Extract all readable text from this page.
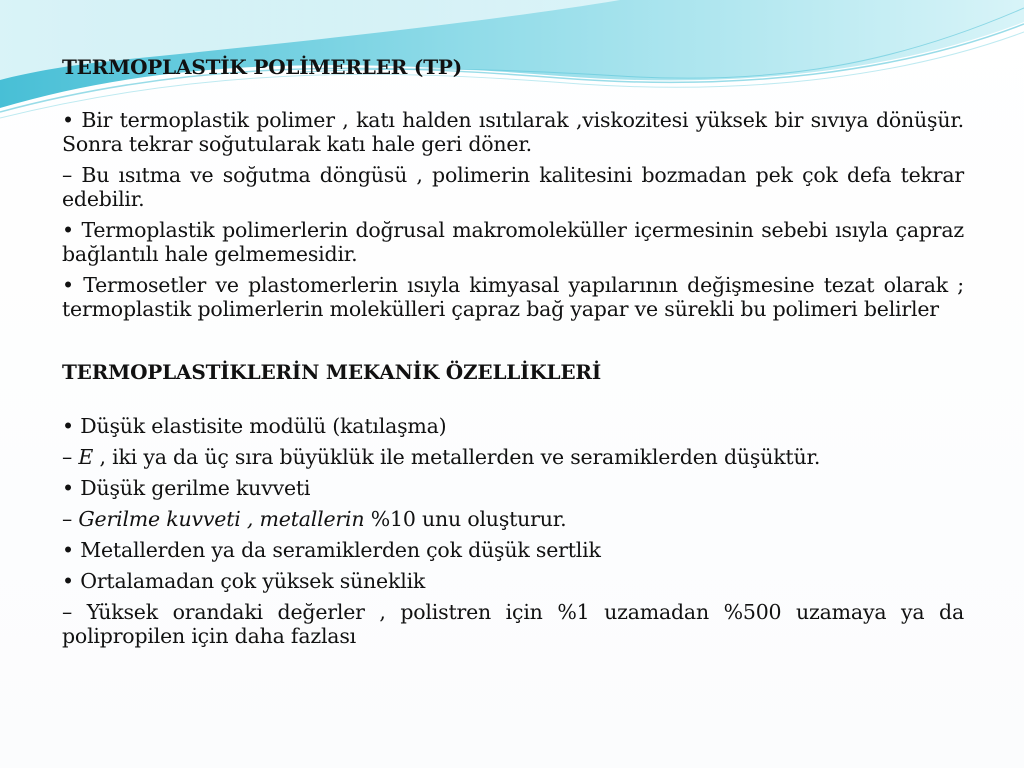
TERMOPLASTİK POLİMERLER (TP)

• Bir termoplastik polimer , katı halden ısıtılarak ,viskozitesi yüksek bir sıvıya dönüşür. Sonra tekrar soğutularak katı hale geri döner.

– Bu ısıtma ve soğutma döngüsü , polimerin kalitesini bozmadan pek çok defa tekrar edebilir.

• Termoplastik polimerlerin doğrusal makromoleküller içermesinin sebebi ısıyla çapraz bağlantılı hale gelmemesidir.

• Termosetler ve plastomerlerin ısıyla kimyasal yapılarının değişmesine tezat olarak ; termoplastik polimerlerin molekülleri çapraz bağ yapar ve sürekli bu polimeri belirler

TERMOPLASTİKLERİN MEKANİK ÖZELLİKLERİ

• Düşük elastisite modülü (katılaşma)

– E , iki ya da üç sıra büyüklük ile metallerden ve seramiklerden düşüktür.

• Düşük gerilme kuvveti

– Gerilme kuvveti , metallerin %10 unu oluşturur.

• Metallerden ya da seramiklerden çok düşük sertlik

• Ortalamadan çok yüksek süneklik

– Yüksek orandaki değerler , polistren için %1 uzamadan %500 uzamaya ya da polipropilen için daha fazlası
